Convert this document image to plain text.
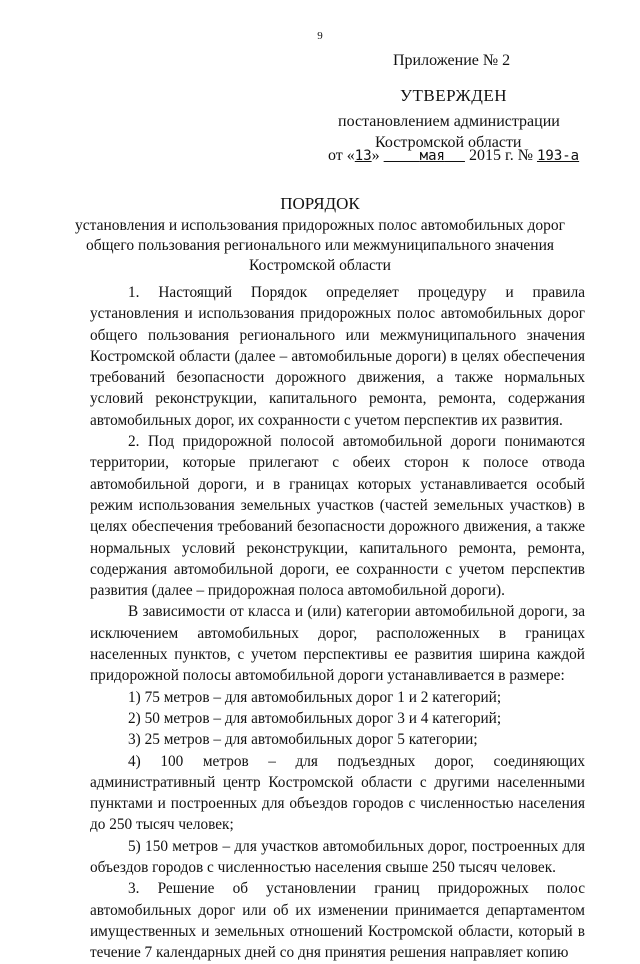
9
Приложение № 2
УТВЕРЖДЕН
постановлением администрации
Костромской области
от «13»	мая 2015 г. № 193-а
ПОРЯДОК
установления и использования придорожных полос автомобильных дорог общего пользования регионального или межмуниципального значения Костромской области

1. Настоящий Порядок определяет процедуру и правила установления и использования придорожных полос автомобильных дорог общего пользования регионального или межмуниципального значения Костромской области (далее – автомобильные дороги) в целях обеспечения требований безопасности дорожного движения, а также нормальных условий реконструкции, капитального ремонта, ремонта, содержания автомобильных дорог, их сохранности с учетом перспектив их развития.

2. Под придорожной полосой автомобильной дороги понимаются территории, которые прилегают с обеих сторон к полосе отвода автомобильной дороги, и в границах которых устанавливается особый режим использования земельных участков (частей земельных участков) в целях обеспечения требований безопасности дорожного движения, а также нормальных условий реконструкции, капитального ремонта, ремонта, содержания автомобильной дороги, ее сохранности с учетом перспектив развития (далее – придорожная полоса автомобильной дороги).

В зависимости от класса и (или) категории автомобильной дороги, за исключением автомобильных дорог, расположенных в границах населенных пунктов, с учетом перспективы ее развития ширина каждой придорожной полосы автомобильной дороги устанавливается в размере:

1) 75 метров – для автомобильных дорог 1 и 2 категорий;

2) 50 метров – для автомобильных дорог 3 и 4 категорий;

3) 25 метров – для автомобильных дорог 5 категории;

4) 100 метров – для подъездных дорог, соединяющих административный центр Костромской области с другими населенными пунктами и построенных для объездов городов с численностью населения до 250 тысяч человек;

5) 150 метров – для участков автомобильных дорог, построенных для объездов городов с численностью населения свыше 250 тысяч человек.

3. Решение об установлении границ придорожных полос автомобильных дорог или об их изменении принимается департаментом имущественных и земельных отношений Костромской области, который в течение 7 календарных дней со дня принятия решения направляет копию
